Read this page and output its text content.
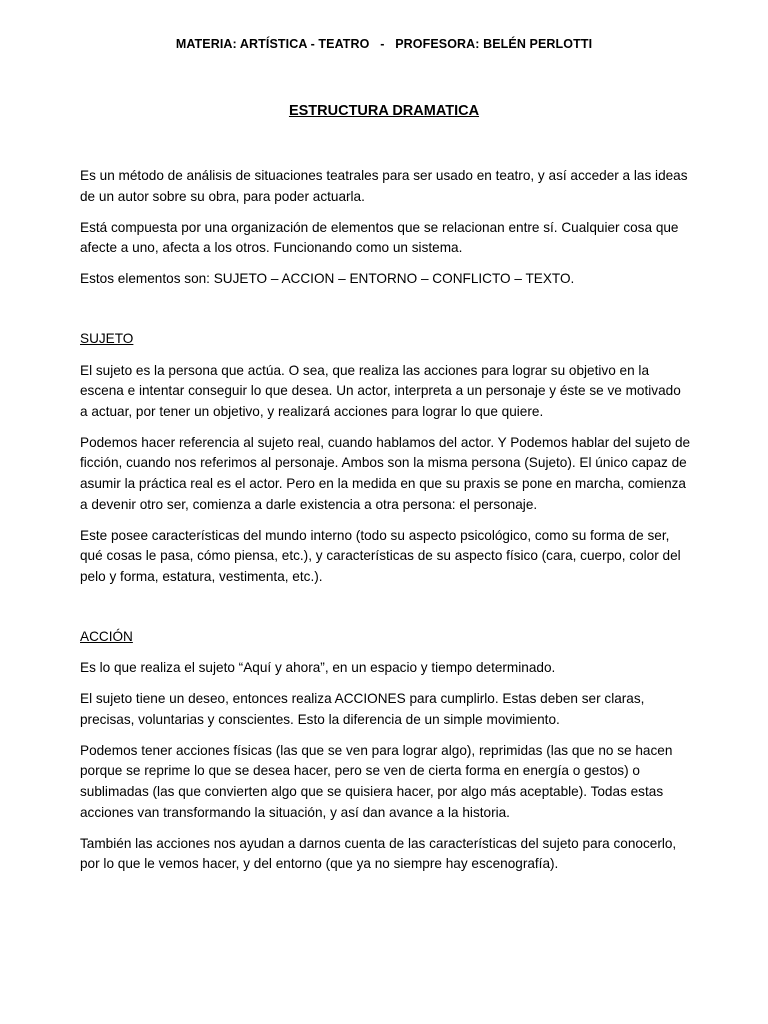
MATERIA: ARTÍSTICA - TEATRO   -   PROFESORA: BELÉN PERLOTTI
ESTRUCTURA DRAMATICA

Es un método de análisis de situaciones teatrales para ser usado en teatro, y así acceder a las ideas de un autor sobre su obra, para poder actuarla.

Está compuesta por una organización de elementos que se relacionan entre sí. Cualquier cosa que afecte a uno, afecta a los otros. Funcionando como un sistema.

Estos elementos son: SUJETO – ACCION – ENTORNO – CONFLICTO – TEXTO.

SUJETO

El sujeto es la persona que actúa. O sea, que realiza las acciones para lograr su objetivo en la escena e intentar conseguir lo que desea. Un actor, interpreta a un personaje y éste se ve motivado a actuar, por tener un objetivo, y realizará acciones para lograr lo que quiere.

Podemos hacer referencia al sujeto real, cuando hablamos del actor. Y Podemos hablar del sujeto de ficción, cuando nos referimos al personaje. Ambos son la misma persona (Sujeto). El único capaz de asumir la práctica real es el actor. Pero en la medida en que su praxis se pone en marcha, comienza a devenir otro ser, comienza a darle existencia a otra persona: el personaje.

Este posee características del mundo interno (todo su aspecto psicológico, como su forma de ser, qué cosas le pasa, cómo piensa, etc.), y características de su aspecto físico (cara, cuerpo, color del pelo y forma, estatura, vestimenta, etc.).

ACCIÓN

Es lo que realiza el sujeto “Aquí y ahora”, en un espacio y tiempo determinado.

El sujeto tiene un deseo, entonces realiza ACCIONES para cumplirlo. Estas deben ser claras, precisas, voluntarias y conscientes. Esto la diferencia de un simple movimiento.

Podemos tener acciones físicas (las que se ven para lograr algo), reprimidas (las que no se hacen porque se reprime lo que se desea hacer, pero se ven de cierta forma en energía o gestos) o sublimadas (las que convierten algo que se quisiera hacer, por algo más aceptable). Todas estas acciones van transformando la situación, y así dan avance a la historia.

También las acciones nos ayudan a darnos cuenta de las características del sujeto para conocerlo, por lo que le vemos hacer, y del entorno (que ya no siempre hay escenografía).
